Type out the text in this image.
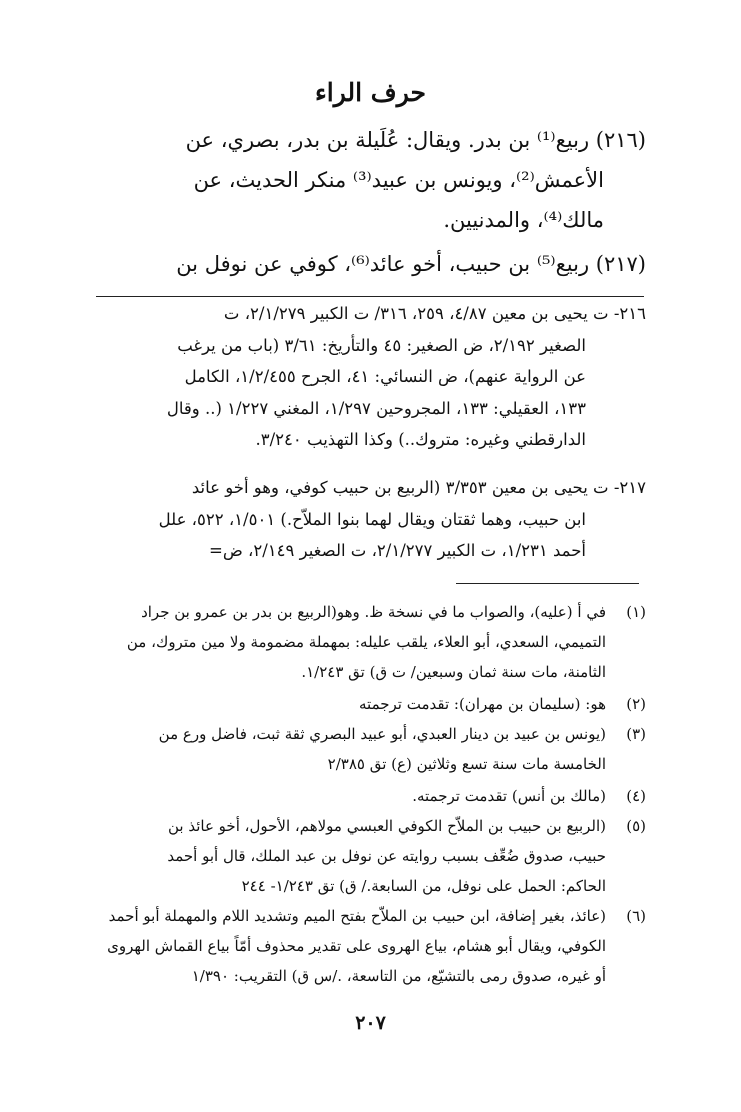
حرف الراء
(٢١٦) ربيع⁽¹⁾ بن بدر. ويقال: عُلَيلة بن بدر، بصري، عن
الأعمش⁽²⁾، ويونس بن عبيد⁽³⁾ منكر الحديث، عن
مالك⁽⁴⁾، والمدنيين.
(٢١٧) ربيع⁽⁵⁾ بن حبيب، أخو عائد⁽⁶⁾، كوفي عن نوفل بن
٢١٦- ت يحيى بن معين ٤/٨٧، ٢٥٩، ٣١٦/ ت الكبير ٢/١/٢٧٩، ت
الصغير ٢/١٩٢، ض الصغير: ٤٥ والتأريخ: ٣/٦١ (باب من يرغب
عن الرواية عنهم)، ض النسائي: ٤١، الجرح ١/٢/٤٥٥، الكامل
١٣٣، العقيلي: ١٣٣، المجروحين ١/٢٩٧، المغني ١/٢٢٧ (.. وقال
الدارقطني وغيره: متروك..) وكذا التهذيب ٣/٢٤٠.
٢١٧- ت يحيى بن معين ٣/٣٥٣ (الربيع بن حبيب كوفي، وهو أخو عائد
ابن حبيب، وهما ثقتان ويقال لهما بنوا الملاّح.) ١/٥٠١، ٥٢٢، علل
أحمد ١/٢٣١، ت الكبير ٢/١/٢٧٧، ت الصغير ٢/١٤٩، ض=
(١)في أ (عليه)، والصواب ما في نسخة ظ. وهو(الربيع بن بدر بن عمرو بن جراد
التميمي، السعدي، أبو العلاء، يلقب عليله: بمهملة مضمومة ولا مين متروك، من
الثامنة، مات سنة ثمان وسبعين/ ت ق) تق ١/٢٤٣.
(٢)هو: (سليمان بن مهران): تقدمت ترجمته
(٣)(يونس بن عبيد بن دينار العبدي، أبو عبيد البصري ثقة ثبت، فاضل ورع من
الخامسة مات سنة تسع وثلاثين (ع) تق ٢/٣٨٥
(٤)(مالك بن أنس) تقدمت ترجمته.
(٥)(الربيع بن حبيب بن الملاّح الكوفي العبسي مولاهم، الأحول، أخو عائذ بن
حبيب، صدوق ضُعِّف بسبب روايته عن نوفل بن عبد الملك، قال أبو أحمد
الحاكم: الحمل على نوفل، من السابعة./ ق) تق ١/٢٤٣- ٢٤٤
(٦)(عائذ، بغير إضافة، ابن حبيب بن الملاّح بفتح الميم وتشديد اللام والمهملة أبو أحمد
الكوفي، ويقال أبو هشام، بياع الهروى على تقدير محذوف أمّاً بياع القماش الهروى
أو غيره، صدوق رمى بالتشيّع، من التاسعة، ./س ق) التقريب: ١/٣٩٠
٢٠٧
